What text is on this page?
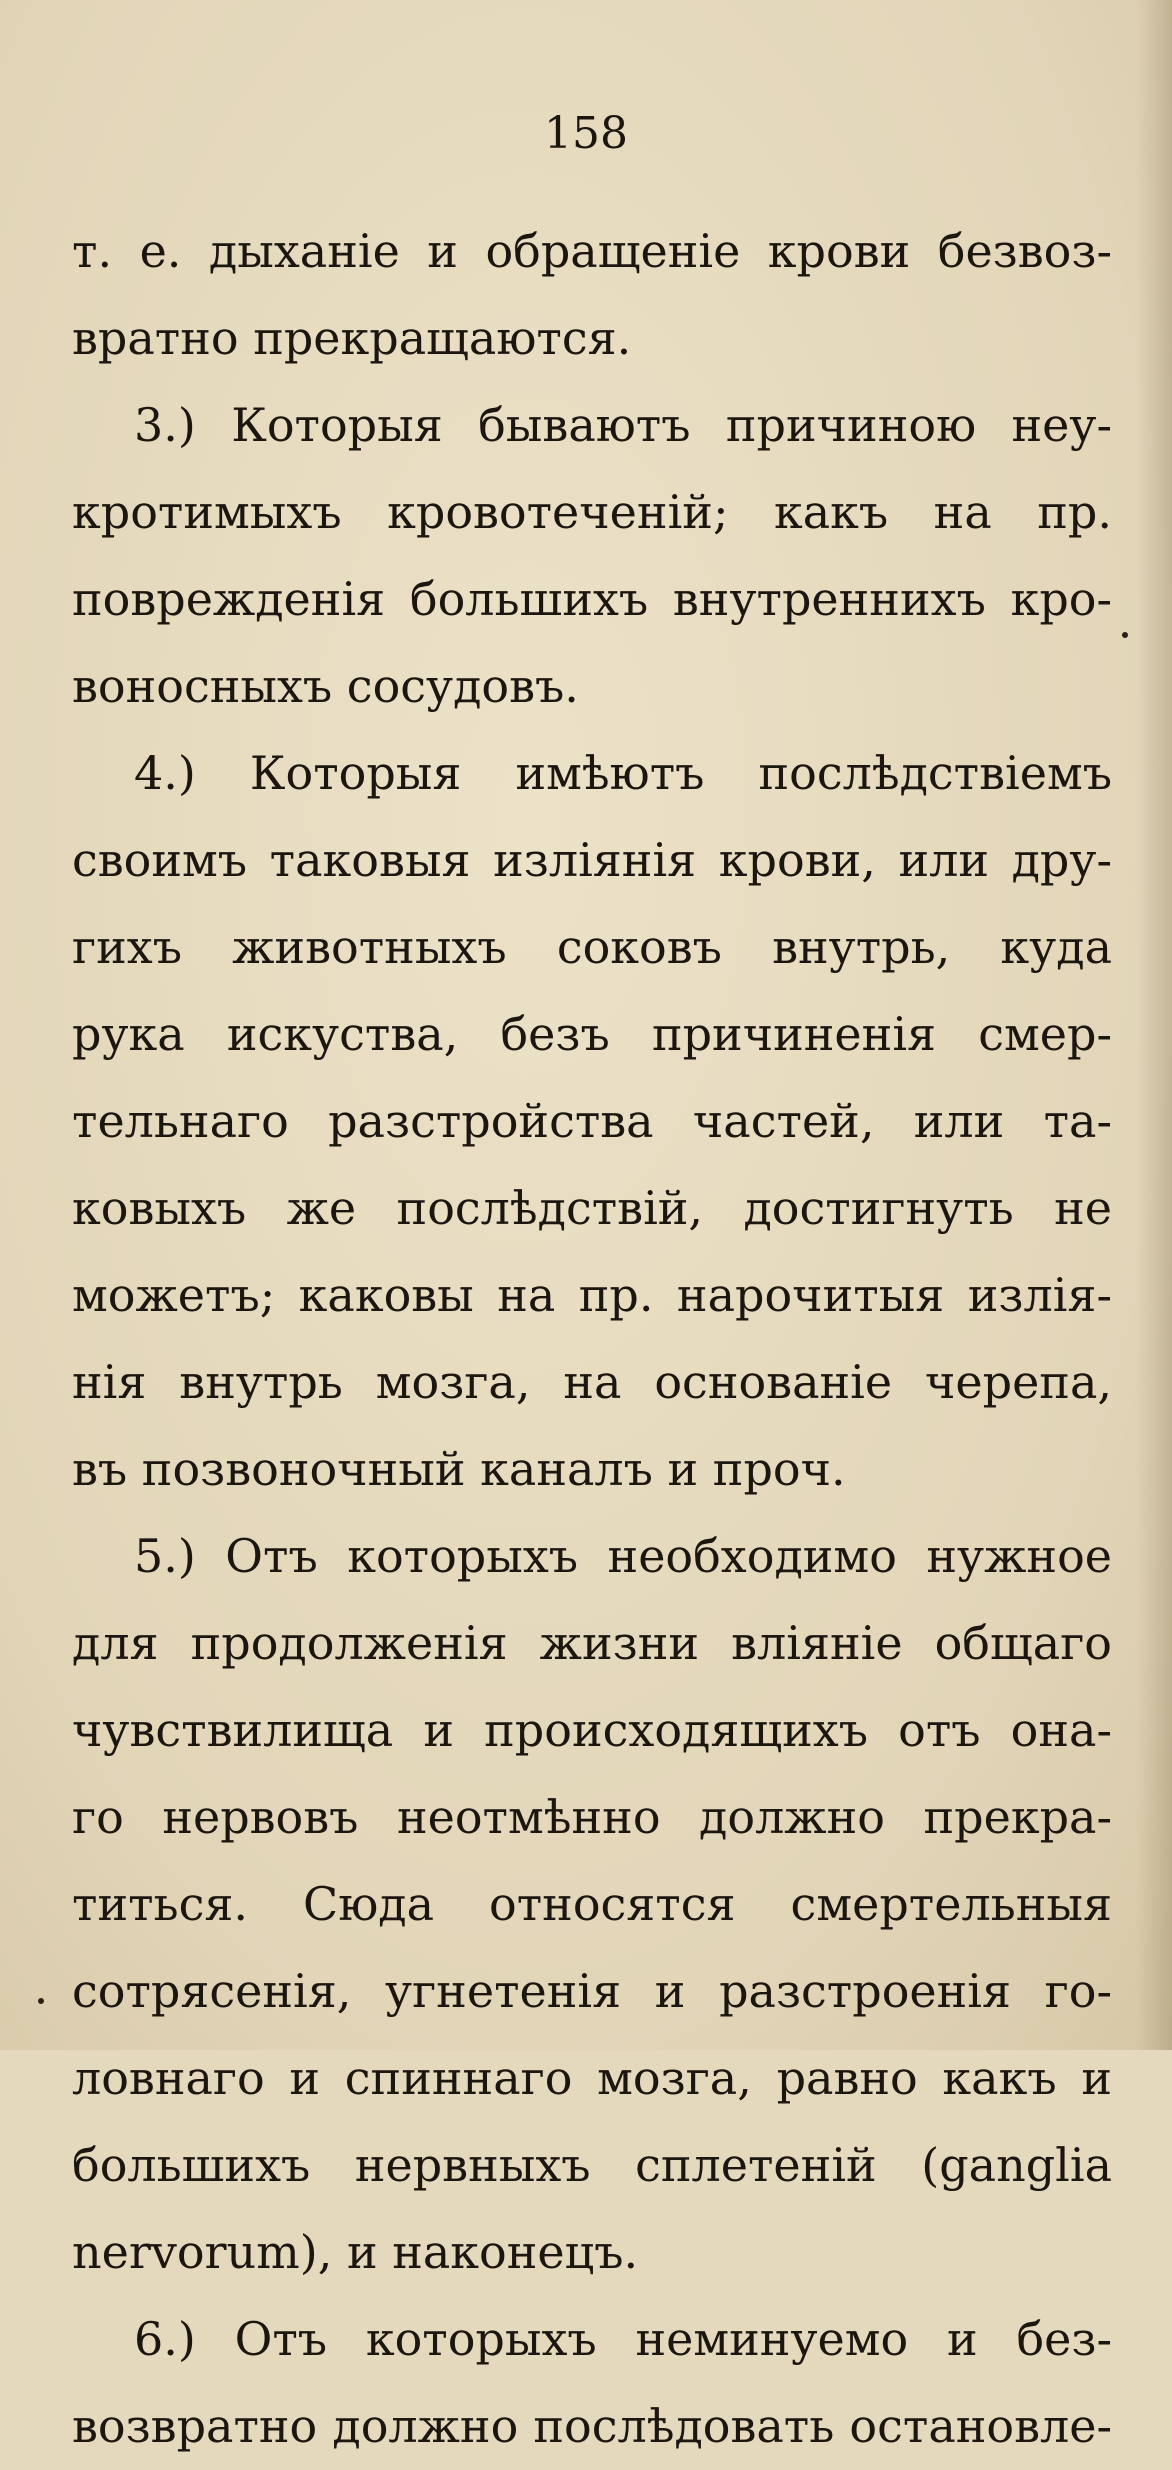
158
т. е. дыханіе и обращеніе крови безвоз-
вратно прекращаются.
3.) Которыя бываютъ причиною неу-
кротимыхъ кровотеченій; какъ на пр.
поврежденія большихъ внутреннихъ кро-
воносныхъ сосудовъ.
4.) Которыя имѣютъ послѣдствіемъ
своимъ таковыя изліянія крови, или дру-
гихъ животныхъ соковъ внутрь, куда
рука искуства, безъ причиненія смер-
тельнаго разстройства частей, или та-
ковыхъ же послѣдствій, достигнуть не
можетъ; каковы на пр. нарочитыя излія-
нія внутрь мозга, на основаніе черепа,
въ позвоночный каналъ и проч.
5.) Отъ которыхъ необходимо нужное
для продолженія жизни вліяніе общаго
чувствилища и происходящихъ отъ она-
го нервовъ неотмѣнно должно прекра-
титься. Сюда относятся смертельныя
сотрясенія, угнетенія и разстроенія го-
ловнаго и спиннаго мозга, равно какъ и
большихъ нервныхъ сплетеній (gangliа
nervorum), и наконецъ.
6.) Отъ которыхъ неминуемо и без-
возвратно должно послѣдовать остановле-
